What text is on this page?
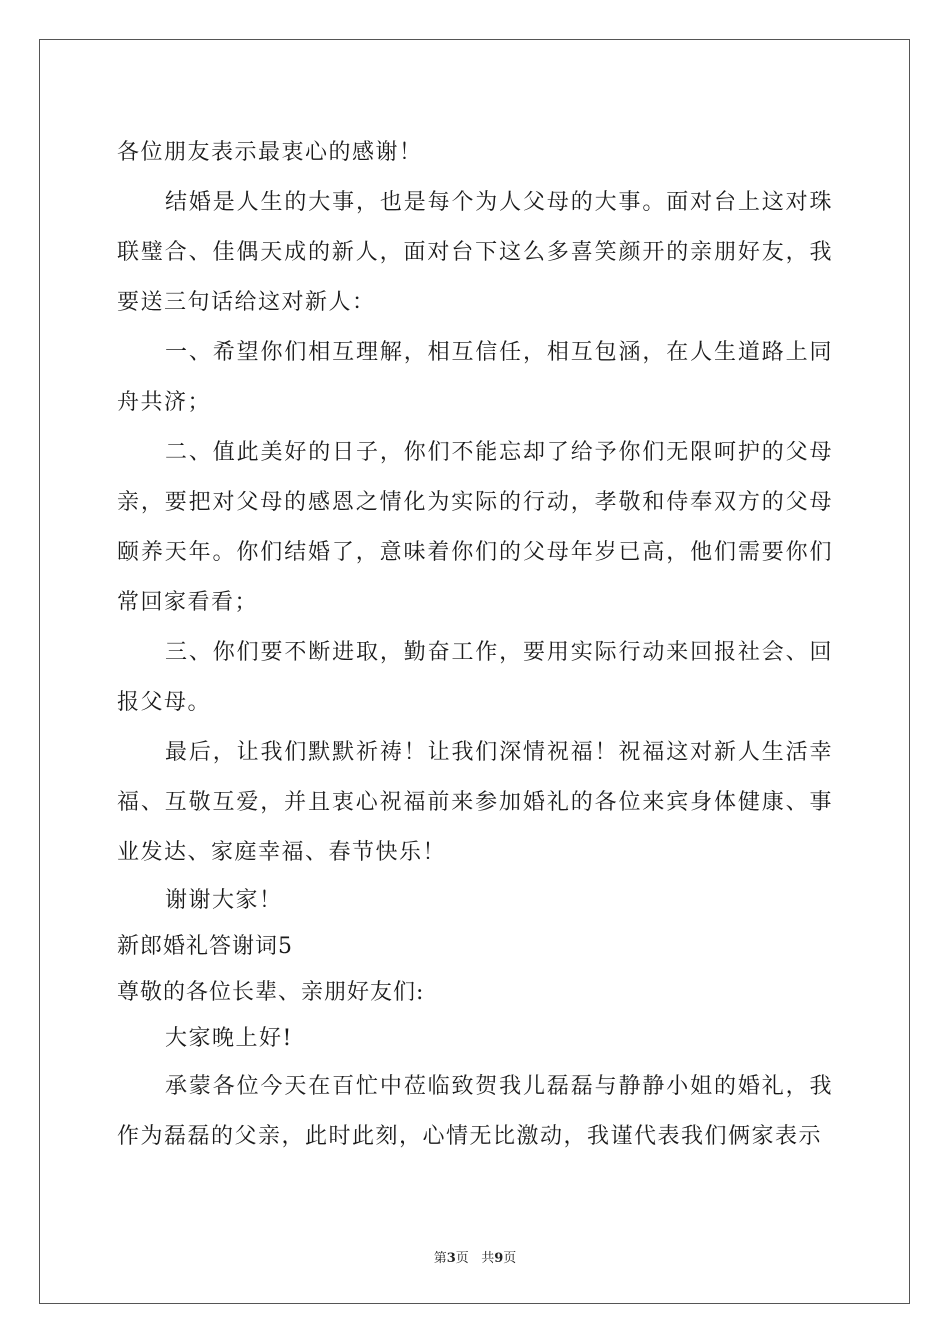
各位朋友表示最衷心的感谢！

结婚是人生的大事，也是每个为人父母的大事。面对台上这对珠联璧合、佳偶天成的新人，面对台下这么多喜笑颜开的亲朋好友，我要送三句话给这对新人：

一、希望你们相互理解，相互信任，相互包涵，在人生道路上同舟共济；

二、值此美好的日子，你们不能忘却了给予你们无限呵护的父母亲，要把对父母的感恩之情化为实际的行动，孝敬和侍奉双方的父母颐养天年。你们结婚了，意味着你们的父母年岁已高，他们需要你们常回家看看；

三、你们要不断进取，勤奋工作，要用实际行动来回报社会、回报父母。

最后，让我们默默祈祷！让我们深情祝福！祝福这对新人生活幸福、互敬互爱，并且衷心祝福前来参加婚礼的各位来宾身体健康、事业发达、家庭幸福、春节快乐！

谢谢大家！

新郎婚礼答谢词5

尊敬的各位长辈、亲朋好友们:

大家晚上好!

承蒙各位今天在百忙中莅临致贺我儿磊磊与静静小姐的婚礼，我作为磊磊的父亲，此时此刻，心情无比激动，我谨代表我们俩家表示

第3页 共9页
